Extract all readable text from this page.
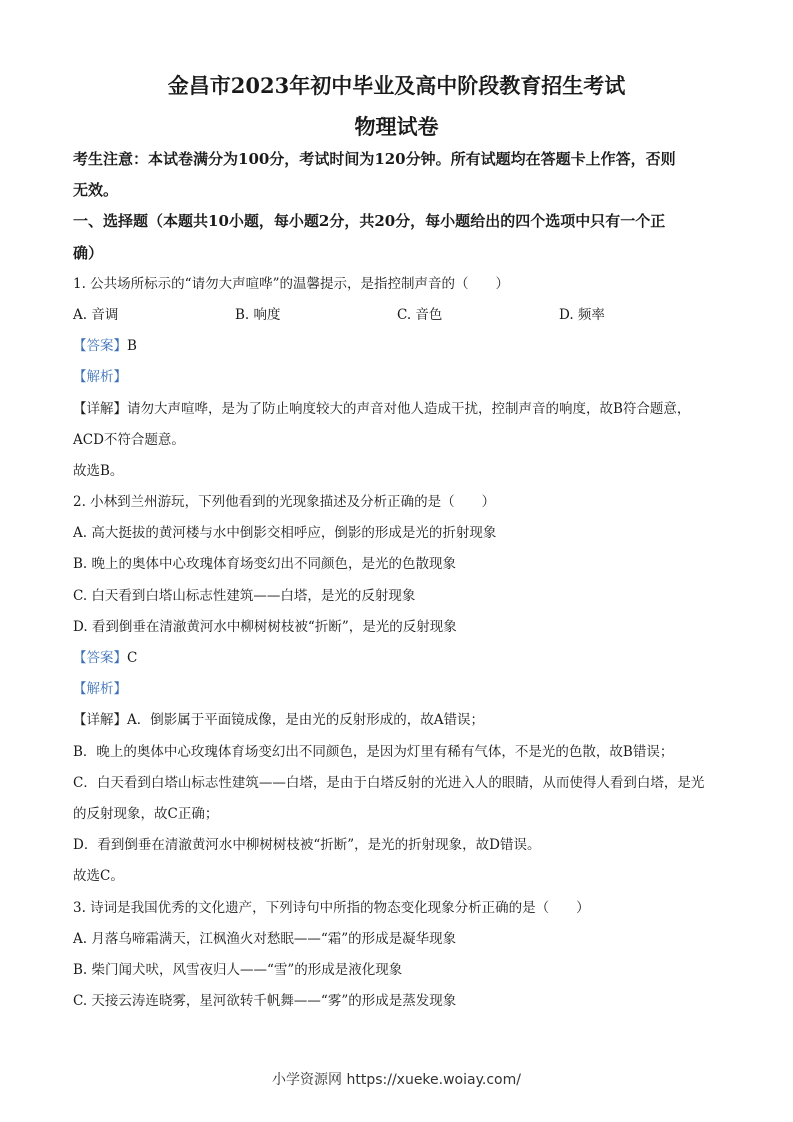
金昌市2023年初中毕业及高中阶段教育招生考试
物理试卷
考生注意：本试卷满分为100分，考试时间为120分钟。所有试题均在答题卡上作答，否则
无效。
一、选择题（本题共10小题，每小题2分，共20分，每小题给出的四个选项中只有一个正
确）
1. 公共场所标示的“请勿大声喧哗”的温馨提示，是指控制声音的（　　）
A. 音调	B. 响度	C. 音色	D. 频率
【答案】B
【解析】
【详解】请勿大声喧哗，是为了防止响度较大的声音对他人造成干扰，控制声音的响度，故B符合题意，
ACD不符合题意。
故选B。
2. 小林到兰州游玩，下列他看到的光现象描述及分析正确的是（　　）
A. 高大挺拔的黄河楼与水中倒影交相呼应，倒影的形成是光的折射现象
B. 晚上的奥体中心玫瑰体育场变幻出不同颜色，是光的色散现象
C. 白天看到白塔山标志性建筑——白塔，是光的反射现象
D. 看到倒垂在清澈黄河水中柳树树枝被“折断”，是光的反射现象
【答案】C
【解析】
【详解】A．倒影属于平面镜成像，是由光的反射形成的，故A错误；
B．晚上的奥体中心玫瑰体育场变幻出不同颜色，是因为灯里有稀有气体，不是光的色散，故B错误；
C．白天看到白塔山标志性建筑——白塔，是由于白塔反射的光进入人的眼睛，从而使得人看到白塔，是光
的反射现象，故C正确；
D．看到倒垂在清澈黄河水中柳树树枝被“折断”，是光的折射现象，故D错误。
故选C。
3. 诗词是我国优秀的文化遗产，下列诗句中所指的物态变化现象分析正确的是（　　）
A. 月落乌啼霜满天，江枫渔火对愁眠——“霜”的形成是凝华现象
B. 柴门闻犬吠，风雪夜归人——“雪”的形成是液化现象
C. 天接云涛连晓雾，星河欲转千帆舞——“雾”的形成是蒸发现象
小学资源网 https://xueke.woiay.com/
